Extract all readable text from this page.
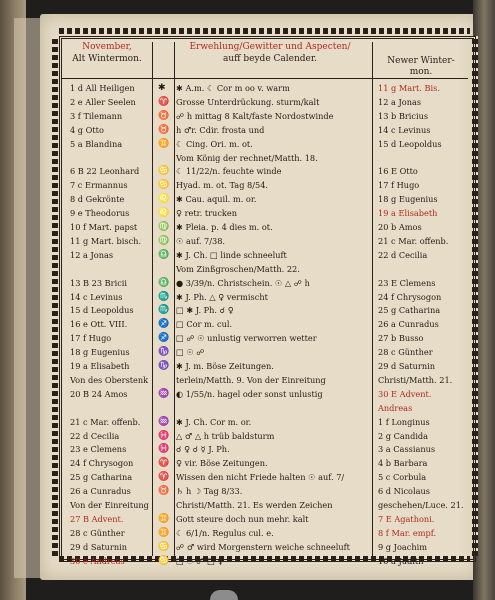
November,
Alt Wintermon.
Erwehlung/Gewitter und Aspecten/
auff beyde Calender.	Newer Winter-
mon.
1 d All Heiligen	✱	✱ A.m. ☾ Cor m oo v. warm	11 g Mart. Bis.
2 e Aller Seelen	♈ Grosse Unterdrückung. sturm/kalt	12 a Jonas
3 f Tilemann	♉ ☍ h mittag 8 Kalt/faste Nordostwinde	13 b Bricius
4 g Otto	♉ h ♂r. Cdir. frosta und	14 c Levinus
5 a Blandina	♊ ☾ Cing. Ori. m. ot.	15 d Leopoldus
Vom König der rechnet/Matth. 18.
6 B 22 Leonhard	♋ ☾ 11/22/n. feuchte winde	16 E Otto
7 c Ermannus	♋ Hyad. m. ot. Tag 8/54.	17 f Hugo
8 d Gekrönte	♌ ✱ Cau. aquil. m. or.	18 g Eugenius
9 e Theodorus	♌ ♀ retr. trucken	19 a Elisabeth
10 f Mart. papst	♍ ✱ Pleia. p. 4 dies m. ot.	20 b Amos
11 g Mart. bisch.	♍ ☉ auf. 7/38.	21 c Mar. offenb.
12 a Jonas	♎ ✱ J. Ch. □ linde schneeluft	22 d Cecilia
Vom Zinßgroschen/Matth. 22.
13 B 23 Bricii	♎ ● 3/39/n. Christschein. ☉ △ ☍ h	23 E Clemens
14 c Levinus	♏ ✱ J. Ph. △ ♀ vermischt	24 f Chrysogon
15 d Leopoldus	♏ □ ✱ J. Ph. ☌ ♀	25 g Catharina
16 e Ott. VIII.	♐ □ Cor m. cul.	26 a Cunradus
17 f Hugo	♐ □ ☍ ☉ unlustig verworren wetter	27 b Busso
18 g Eugenius	♑ □ ☉ ☍	28 c Günther
19 a Elisabeth	♑ ✱ J. m. Böse Zeitungen.	29 d Saturnin
Von des Oberstenk	terlein/Matth. 9. Von der Einreitung	Christi/Matth. 21.
20 B 24 Amos	♒ ◐ 1/55/n. hagel oder sonst unlustig	30 E Advent.
Andreas
21 c Mar. offenb.	♒ ✱ J. Ch. Cor m. or.	1 f Longinus
22 d Cecilia	♓ △ ♂ △ h trüb baldsturm	2 g Candida
23 e Clemens	♓ ☌ ♀ ☌ ☿ J. Ph.	3 a Cassianus
24 f Chrysogon	♈ ♀ vir. Böse Zeitungen.	4 b Barbara
25 g Catharina	♈ Wissen den nicht Friede halten ☉ auf. 7/	5 c Corbula
26 a Cunradus	♉ ♄ h ☽ Tag 8/33.	6 d Nicolaus
Von der Einreitung	Christi/Matth. 21. Es werden Zeichen	geschehen/Luce. 21.
27 B Advent.	♊ Gott steure doch nun mehr. kalt	7 E Agathoni.
28 c Günther	♊ ☾ 6/1/n. Regulus cul. e.	8 f Mar. empf.
29 d Saturnin	♋ ☍ ♂ wird Morgenstern weiche schneeluft	9 g Joachim
30 e Andreas	♋ □ ☉ ☍ □ ♀	10 a Judith
